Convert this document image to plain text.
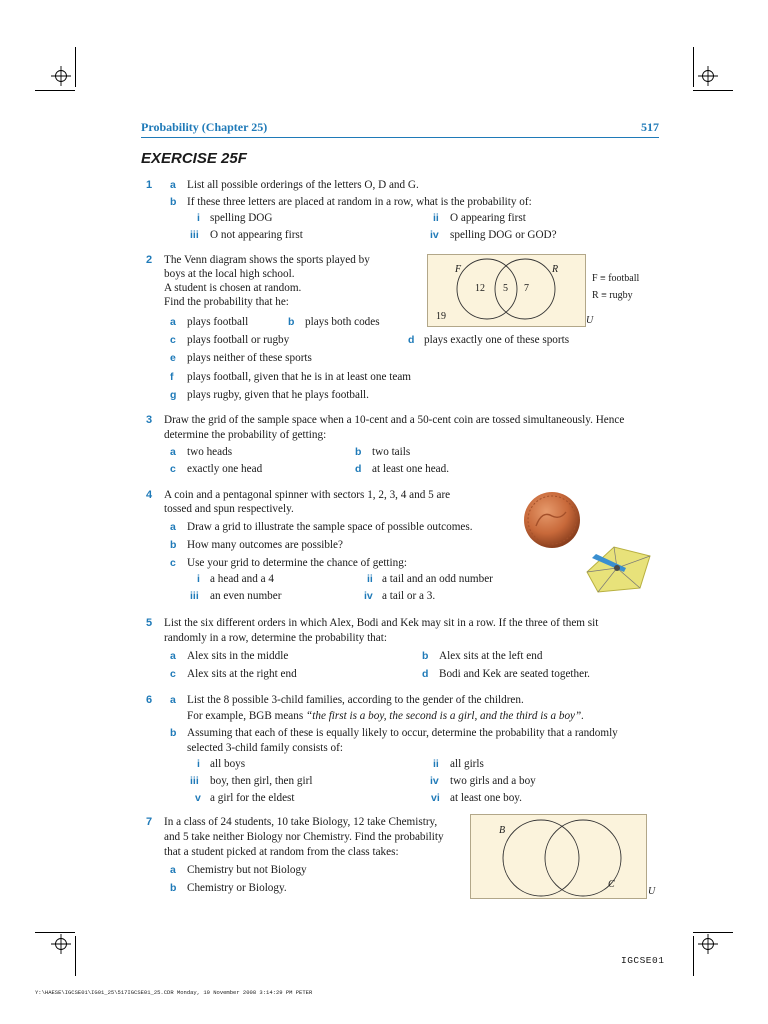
Probability (Chapter 25)	517
EXERCISE 25F
1 a List all possible orderings of the letters O, D and G.
b If these three letters are placed at random in a row, what is the probability of:
i spelling DOG	ii O appearing first
iii O not appearing first	iv spelling DOG or GOD?
2 The Venn diagram shows the sports played by
boys at the local high school.
A student is chosen at random.
Find the probability that he:
F	R
12 5 7
19	U
F ≡ football
R ≡ rugby
a plays football	b plays both codes
c plays football or rugby	d plays exactly one of these sports
e plays neither of these sports
f plays football, given that he is in at least one team
g plays rugby, given that he plays football.
3 Draw the grid of the sample space when a 10-cent and a 50-cent coin are tossed simultaneously. Hence
determine the probability of getting:
a two heads	b two tails
c exactly one head	d at least one head.
4 A coin and a pentagonal spinner with sectors 1, 2, 3, 4 and 5 are
tossed and spun respectively.
a Draw a grid to illustrate the sample space of possible outcomes.
b How many outcomes are possible?
c Use your grid to determine the chance of getting:
i a head and a 4	ii a tail and an odd number
iii an even number	iv a tail or a 3.
5 List the six different orders in which Alex, Bodi and Kek may sit in a row. If the three of them sit
randomly in a row, determine the probability that:
a Alex sits in the middle	b Alex sits at the left end
c Alex sits at the right end	d Bodi and Kek are seated together.
6 a List the 8 possible 3-child families, according to the gender of the children.
For example, BGB means “the first is a boy, the second is a girl, and the third is a boy”.
b Assuming that each of these is equally likely to occur, determine the probability that a randomly
selected 3-child family consists of:
i all boys	ii all girls
iii boy, then girl, then girl	iv two girls and a boy
v a girl for the eldest	vi at least one boy.
7 In a class of 24 students, 10 take Biology, 12 take Chemistry,
and 5 take neither Biology nor Chemistry. Find the probability
that a student picked at random from the class takes:
a Chemistry but not Biology
b Chemistry or Biology.
B
C
U
IGCSE01
Y:\HAESE\IGCSE01\IG01_25\517IGCSE01_25.CDR Monday, 10 November 2008 3:14:29 PM PETER
